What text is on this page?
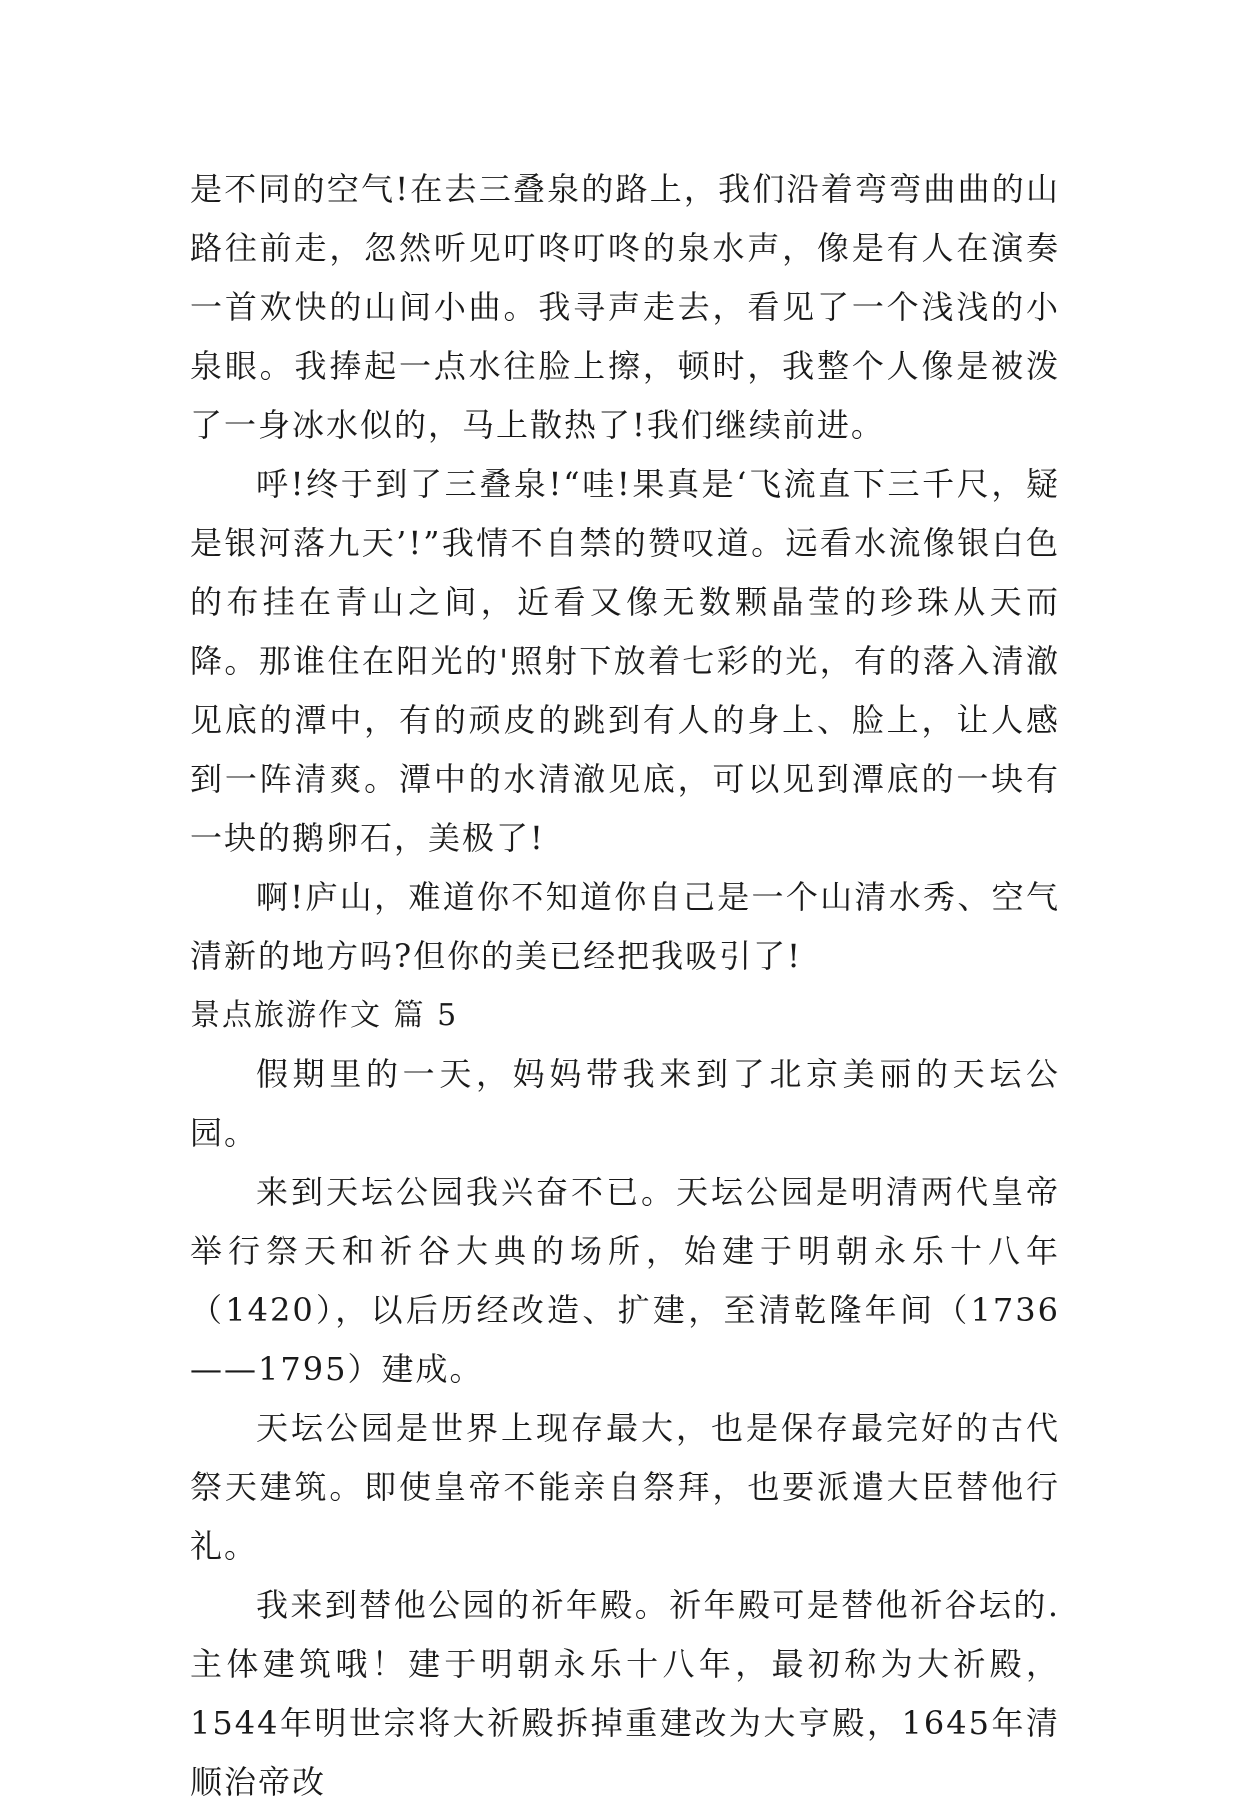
是不同的空气!在去三叠泉的路上，我们沿着弯弯曲曲的山路往前走，忽然听见叮咚叮咚的泉水声，像是有人在演奏一首欢快的山间小曲。我寻声走去，看见了一个浅浅的小泉眼。我捧起一点水往脸上擦，顿时，我整个人像是被泼了一身冰水似的，马上散热了!我们继续前进。

呼!终于到了三叠泉!“哇!果真是‘飞流直下三千尺，疑是银河落九天’!”我情不自禁的赞叹道。远看水流像银白色的布挂在青山之间，近看又像无数颗晶莹的珍珠从天而降。那谁住在阳光的'照射下放着七彩的光，有的落入清澈见底的潭中，有的顽皮的跳到有人的身上、脸上，让人感到一阵清爽。潭中的水清澈见底，可以见到潭底的一块有一块的鹅卵石，美极了!

啊!庐山，难道你不知道你自己是一个山清水秀、空气清新的地方吗?但你的美已经把我吸引了!

景点旅游作文 篇 5

假期里的一天，妈妈带我来到了北京美丽的天坛公园。

来到天坛公园我兴奋不已。天坛公园是明清两代皇帝举行祭天和祈谷大典的场所，始建于明朝永乐十八年（1420），以后历经改造、扩建，至清乾隆年间（1736——1795）建成。

天坛公园是世界上现存最大，也是保存最完好的古代祭天建筑。即使皇帝不能亲自祭拜，也要派遣大臣替他行礼。

我来到替他公园的祈年殿。祈年殿可是替他祈谷坛的.主体建筑哦！建于明朝永乐十八年，最初称为大祈殿，1544年明世宗将大祈殿拆掉重建改为大亨殿，1645年清顺治帝改
